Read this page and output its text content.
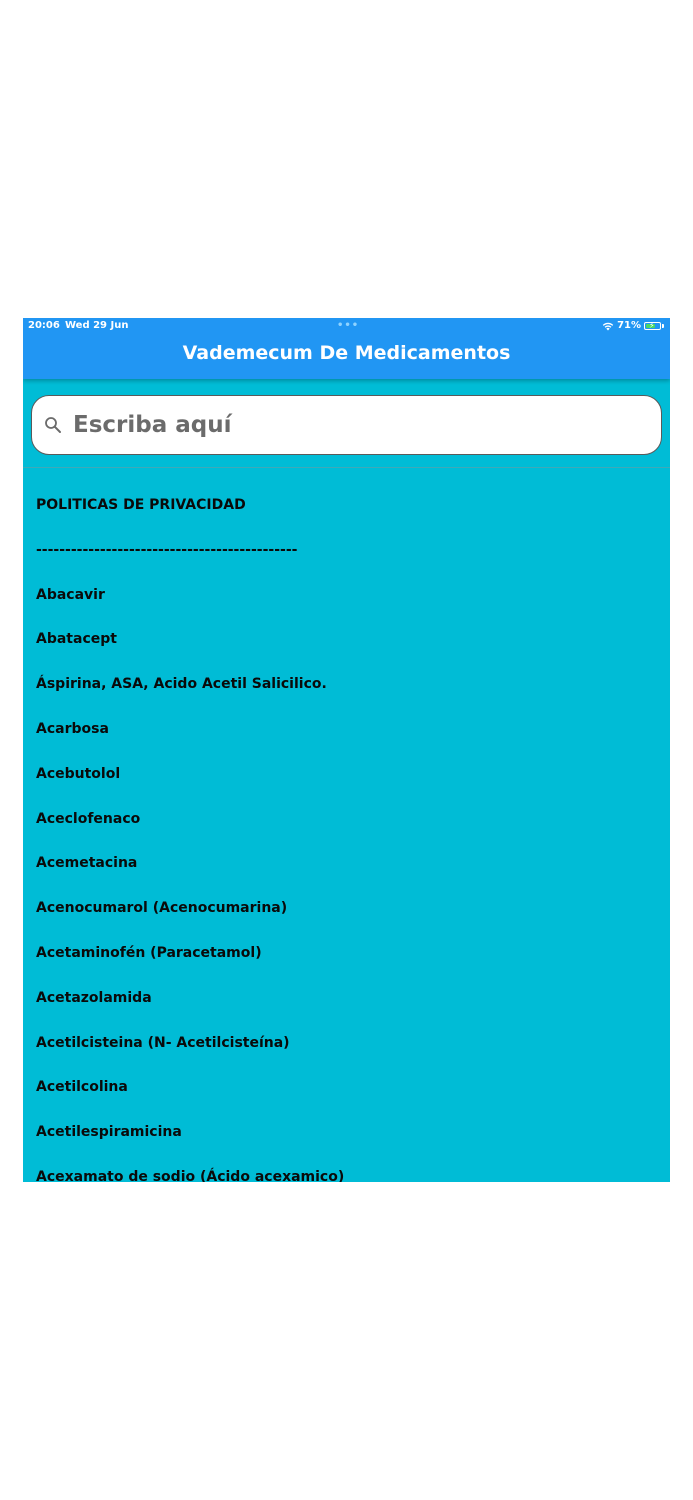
20:06 Wed 29 Jun	•••	71% ⚡
Vademecum De Medicamentos
Escriba aquí
POLITICAS DE PRIVACIDAD
---------------------------------------------
Abacavir
Abatacept
Áspirina, ASA, Acido Acetil Salicilico.
Acarbosa
Acebutolol
Aceclofenaco
Acemetacina
Acenocumarol (Acenocumarina)
Acetaminofén (Paracetamol)
Acetazolamida
Acetilcisteina (N- Acetilcisteína)
Acetilcolina
Acetilespiramicina
Acexamato de sodio (Ácido acexamico)
